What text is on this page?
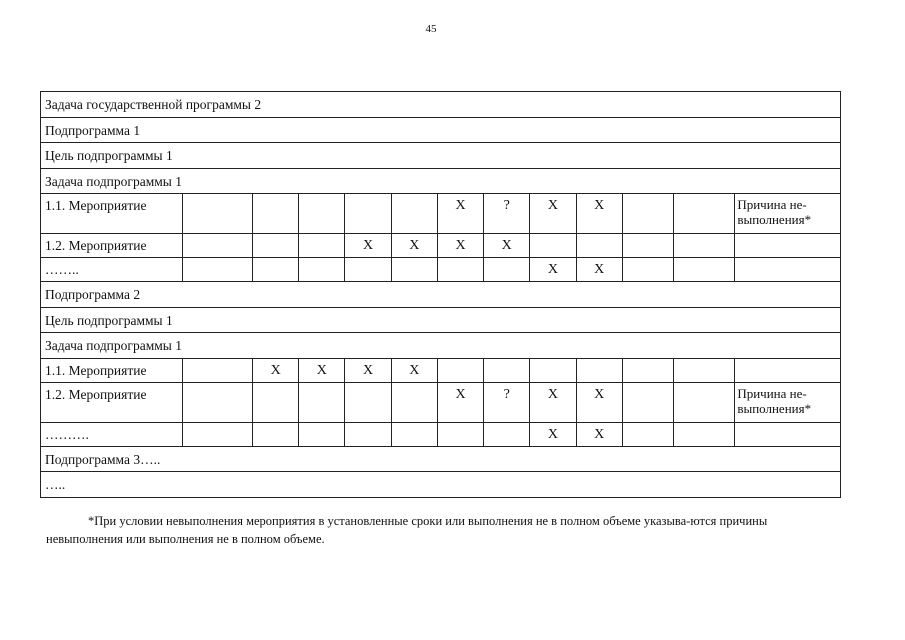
45
Задача государственной программы 2												
Подпрограмма 1												
Цель подпрограммы 1												
Задача подпрограммы 1												
1.1. Мероприятие						Х	?	Х	Х			Причина не-выполнения*
1.2. Мероприятие				Х	Х	Х	Х					
……..								Х	Х			
Подпрограмма 2												
Цель подпрограммы 1												
Задача подпрограммы 1												
1.1. Мероприятие		Х	Х	Х	Х							
1.2. Мероприятие						Х	?	Х	Х			Причина не-выполнения*
……….								Х	Х			
Подпрограмма 3…..												
…..												
*При условии невыполнения мероприятия в установленные сроки или выполнения не в полном объеме указыва-ются причины невыполнения или выполнения не в полном объеме.
